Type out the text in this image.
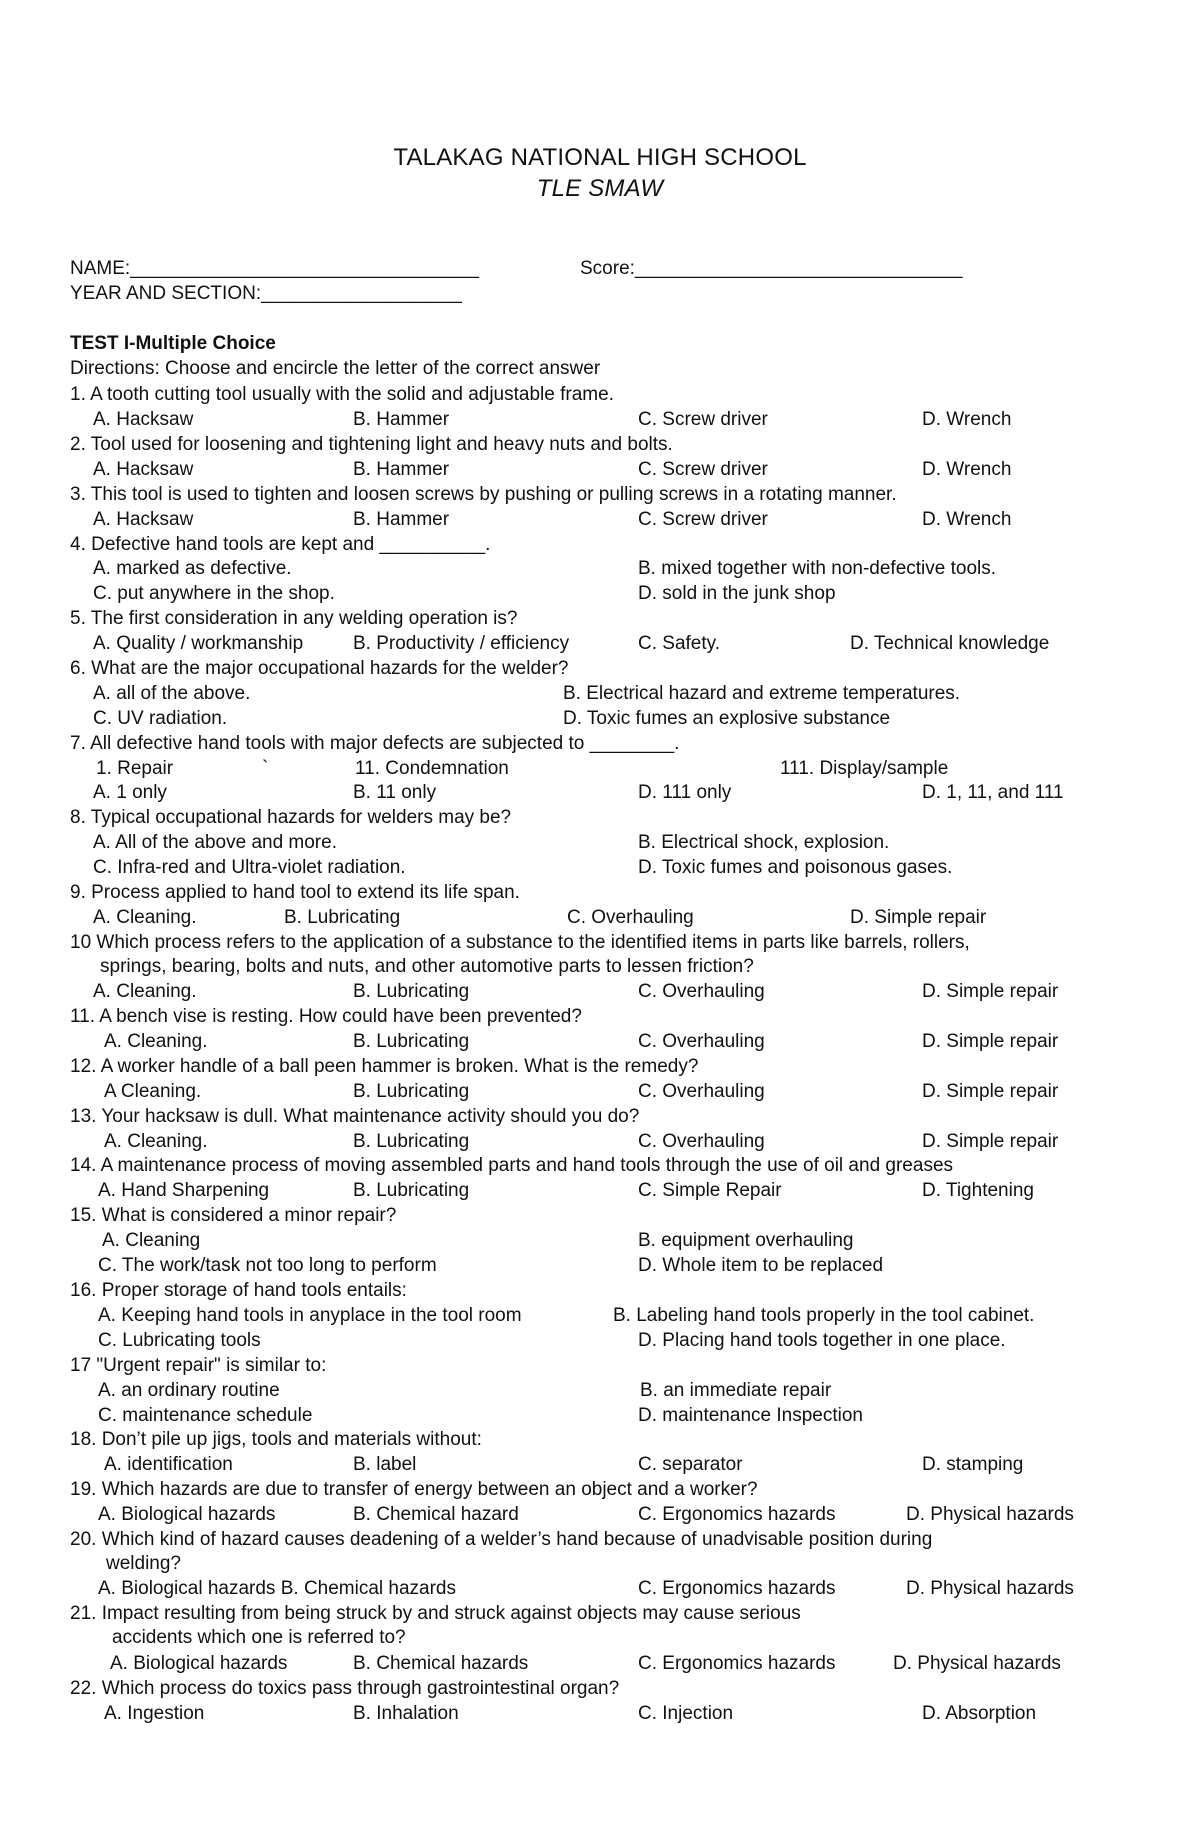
TALAKAG NATIONAL HIGH SCHOOL
TLE SMAW
NAME:_________________________________	Score:_______________________________
YEAR AND SECTION:___________________
TEST I-Multiple Choice
Directions: Choose and encircle the letter of the correct answer
1. A tooth cutting tool usually with the solid and adjustable frame.
2. Tool used for loosening and tightening light and heavy nuts and bolts.
3. This tool is used to tighten and loosen screws by pushing or pulling screws in a rotating manner.
4. Defective hand tools are kept and __________.
5. The first consideration in any welding operation is?
6. What are the major occupational hazards for the welder?
7. All defective hand tools with major defects are subjected to ________.
8. Typical occupational hazards for welders may be?
9. Process applied to hand tool to extend its life span.
10 Which process refers to the application of a substance to the identified items in parts like barrels, rollers,
springs, bearing, bolts and nuts, and other automotive parts to lessen friction?
11. A bench vise is resting. How could have been prevented?
12. A worker handle of a ball peen hammer is broken. What is the remedy?
13. Your hacksaw is dull. What maintenance activity should you do?
14. A maintenance process of moving assembled parts and hand tools through the use of oil and greases
15. What is considered a minor repair?
16. Proper storage of hand tools entails:
17 "Urgent repair" is similar to:
18. Don’t pile up jigs, tools and materials without:
19. Which hazards are due to transfer of energy between an object and a worker?
20. Which kind of hazard causes deadening of a welder’s hand because of unadvisable position during
welding?
21. Impact resulting from being struck by and struck against objects may cause serious
accidents which one is referred to?
22. Which process do toxics pass through gastrointestinal organ?
A. Hacksaw	B. Hammer	C. Screw driver	D. Wrench
A. Hacksaw	B. Hammer	C. Screw driver	D. Wrench
A. Hacksaw	B. Hammer	C. Screw driver	D. Wrench
A. marked as defective.	B. mixed together with non-defective tools.
C. put anywhere in the shop.	D. sold in the junk shop
A. Quality / workmanship	B. Productivity / efficiency	C. Safety.	D. Technical knowledge
A. all of the above.	B. Electrical hazard and extreme temperatures.
C. UV radiation.	D. Toxic fumes an explosive substance
1. Repair	`	11. Condemnation	111. Display/sample
A. 1 only	B. 11 only	D. 111 only	D. 1, 11, and 111
A. All of the above and more.	B. Electrical shock, explosion.
C. Infra-red and Ultra-violet radiation.	D. Toxic fumes and poisonous gases.
A. Cleaning.	B. Lubricating	C. Overhauling	D. Simple repair
A. Cleaning.	B. Lubricating	C. Overhauling	D. Simple repair
A. Cleaning.	B. Lubricating	C. Overhauling	D. Simple repair
A Cleaning.	B. Lubricating	C. Overhauling	D. Simple repair
A. Cleaning.	B. Lubricating	C. Overhauling	D. Simple repair
A. Hand Sharpening	B. Lubricating	C. Simple Repair	D. Tightening
A. Cleaning	B. equipment overhauling
C. The work/task not too long to perform	D. Whole item to be replaced
A. Keeping hand tools in anyplace in the tool room	B. Labeling hand tools properly in the tool cabinet.
C. Lubricating tools	D. Placing hand tools together in one place.
A. an ordinary routine	B. an immediate repair
C. maintenance schedule	D. maintenance Inspection
A. identification	B. label	C. separator	D. stamping
A. Biological hazards	B. Chemical hazard	C. Ergonomics hazards	D. Physical hazards
A. Biological hazards B. Chemical hazards	C. Ergonomics hazards	D. Physical hazards
A. Biological hazards	B. Chemical hazards	C. Ergonomics hazards	D. Physical hazards
A. Ingestion	B. Inhalation	C. Injection	D. Absorption
